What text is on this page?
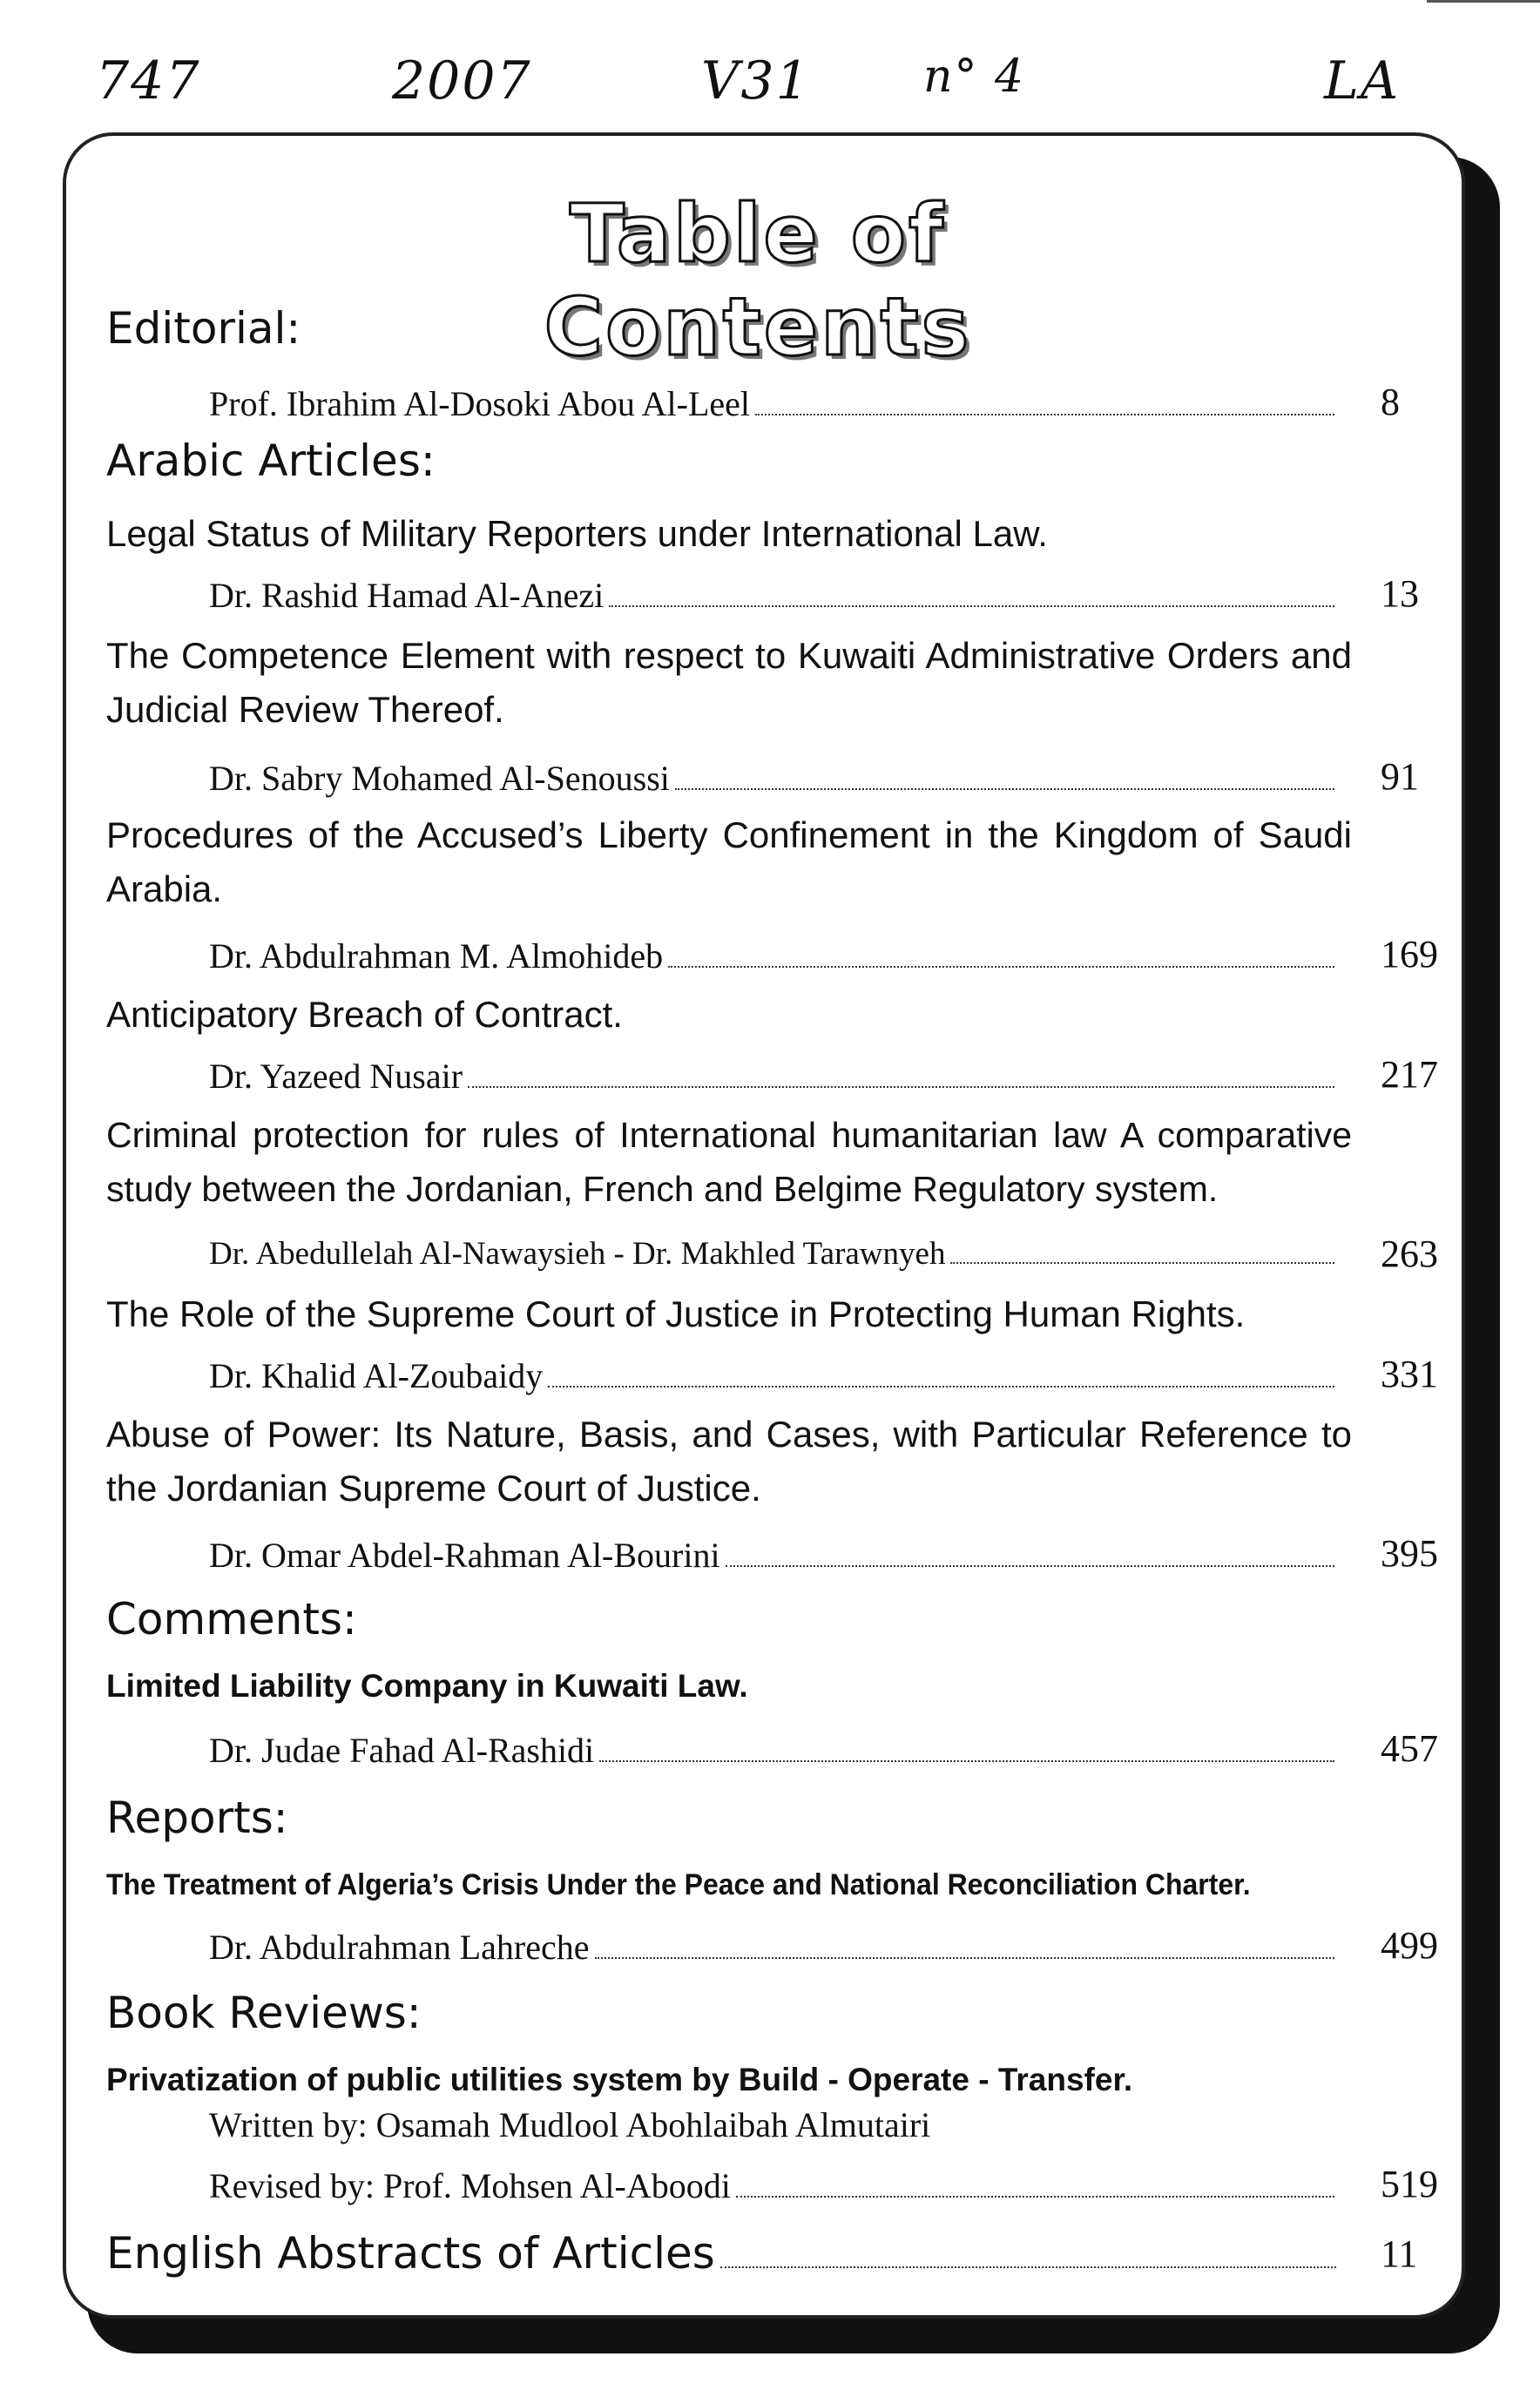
747	2007	V31 n° 4	LA
Table of Contents
Editorial:
Prof. Ibrahim Al-Dosoki Abou Al-Leel	8
Arabic Articles:
Legal Status of Military Reporters under International Law.
Dr. Rashid Hamad Al-Anezi	13
The Competence Element with respect to Kuwaiti Administrative Orders and Judicial Review Thereof.
Dr. Sabry Mohamed Al-Senoussi	91
Procedures of the Accused’s Liberty Confinement in the Kingdom of Saudi Arabia.
Dr. Abdulrahman M. Almohideb	169
Anticipatory Breach of Contract.
Dr. Yazeed Nusair	217
Criminal protection for rules of International humanitarian law A comparative study between the Jordanian, French and Belgime Regulatory system.
Dr. Abedullelah Al-Nawaysieh - Dr. Makhled Tarawnyeh	263
The Role of the Supreme Court of Justice in Protecting Human Rights.
Dr. Khalid Al-Zoubaidy	331
Abuse of Power: Its Nature, Basis, and Cases, with Particular Reference to the Jordanian Supreme Court of Justice.
Dr. Omar Abdel-Rahman Al-Bourini	395
Comments:
Limited Liability Company in Kuwaiti Law.
Dr. Judae Fahad Al-Rashidi	457
Reports:
The Treatment of Algeria’s Crisis Under the Peace and National Reconciliation Charter.
Dr. Abdulrahman Lahreche	499
Book Reviews:
Privatization of public utilities system by Build - Operate - Transfer.
Written by: Osamah Mudlool Abohlaibah Almutairi
Revised by: Prof. Mohsen Al-Aboodi	519
English Abstracts of Articles	11
